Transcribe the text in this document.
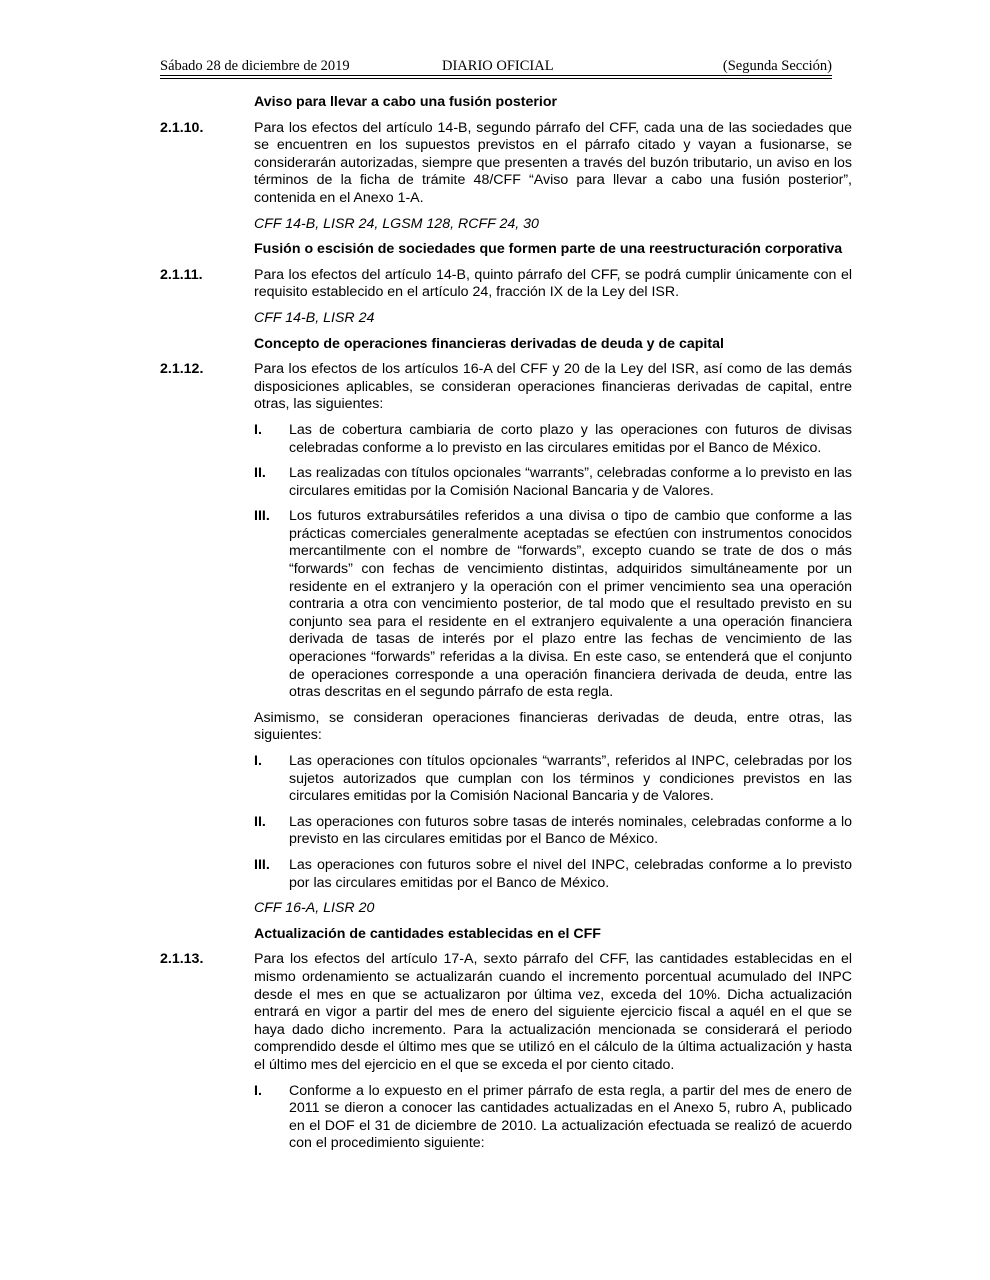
Sábado 28 de diciembre de 2019	DIARIO OFICIAL	(Segunda Sección)
Aviso para llevar a cabo una fusión posterior
2.1.10.	Para los efectos del artículo 14-B, segundo párrafo del CFF, cada una de las sociedades que se encuentren en los supuestos previstos en el párrafo citado y vayan a fusionarse, se considerarán autorizadas, siempre que presenten a través del buzón tributario, un aviso en los términos de la ficha de trámite 48/CFF “Aviso para llevar a cabo una fusión posterior”, contenida en el Anexo 1-A.
CFF 14-B, LISR 24, LGSM 128, RCFF 24, 30
Fusión o escisión de sociedades que formen parte de una reestructuración corporativa
2.1.11.	Para los efectos del artículo 14-B, quinto párrafo del CFF, se podrá cumplir únicamente con el requisito establecido en el artículo 24, fracción IX de la Ley del ISR.
CFF 14-B, LISR 24
Concepto de operaciones financieras derivadas de deuda y de capital
2.1.12.	Para los efectos de los artículos 16-A del CFF y 20 de la Ley del ISR, así como de las demás disposiciones aplicables, se consideran operaciones financieras derivadas de capital, entre otras, las siguientes:
I.	Las de cobertura cambiaria de corto plazo y las operaciones con futuros de divisas celebradas conforme a lo previsto en las circulares emitidas por el Banco de México.
II.	Las realizadas con títulos opcionales “warrants”, celebradas conforme a lo previsto en las circulares emitidas por la Comisión Nacional Bancaria y de Valores.
III.	Los futuros extrabursátiles referidos a una divisa o tipo de cambio que conforme a las prácticas comerciales generalmente aceptadas se efectúen con instrumentos conocidos mercantilmente con el nombre de “forwards”, excepto cuando se trate de dos o más “forwards” con fechas de vencimiento distintas, adquiridos simultáneamente por un residente en el extranjero y la operación con el primer vencimiento sea una operación contraria a otra con vencimiento posterior, de tal modo que el resultado previsto en su conjunto sea para el residente en el extranjero equivalente a una operación financiera derivada de tasas de interés por el plazo entre las fechas de vencimiento de las operaciones “forwards” referidas a la divisa. En este caso, se entenderá que el conjunto de operaciones corresponde a una operación financiera derivada de deuda, entre las otras descritas en el segundo párrafo de esta regla.
Asimismo, se consideran operaciones financieras derivadas de deuda, entre otras, las siguientes:
I.	Las operaciones con títulos opcionales “warrants”, referidos al INPC, celebradas por los sujetos autorizados que cumplan con los términos y condiciones previstos en las circulares emitidas por la Comisión Nacional Bancaria y de Valores.
II.	Las operaciones con futuros sobre tasas de interés nominales, celebradas conforme a lo previsto en las circulares emitidas por el Banco de México.
III.	Las operaciones con futuros sobre el nivel del INPC, celebradas conforme a lo previsto por las circulares emitidas por el Banco de México.
CFF 16-A, LISR 20
Actualización de cantidades establecidas en el CFF
2.1.13.	Para los efectos del artículo 17-A, sexto párrafo del CFF, las cantidades establecidas en el mismo ordenamiento se actualizarán cuando el incremento porcentual acumulado del INPC desde el mes en que se actualizaron por última vez, exceda del 10%. Dicha actualización entrará en vigor a partir del mes de enero del siguiente ejercicio fiscal a aquél en el que se haya dado dicho incremento. Para la actualización mencionada se considerará el periodo comprendido desde el último mes que se utilizó en el cálculo de la última actualización y hasta el último mes del ejercicio en el que se exceda el por ciento citado.
I.	Conforme a lo expuesto en el primer párrafo de esta regla, a partir del mes de enero de 2011 se dieron a conocer las cantidades actualizadas en el Anexo 5, rubro A, publicado en el DOF el 31 de diciembre de 2010. La actualización efectuada se realizó de acuerdo con el procedimiento siguiente:
